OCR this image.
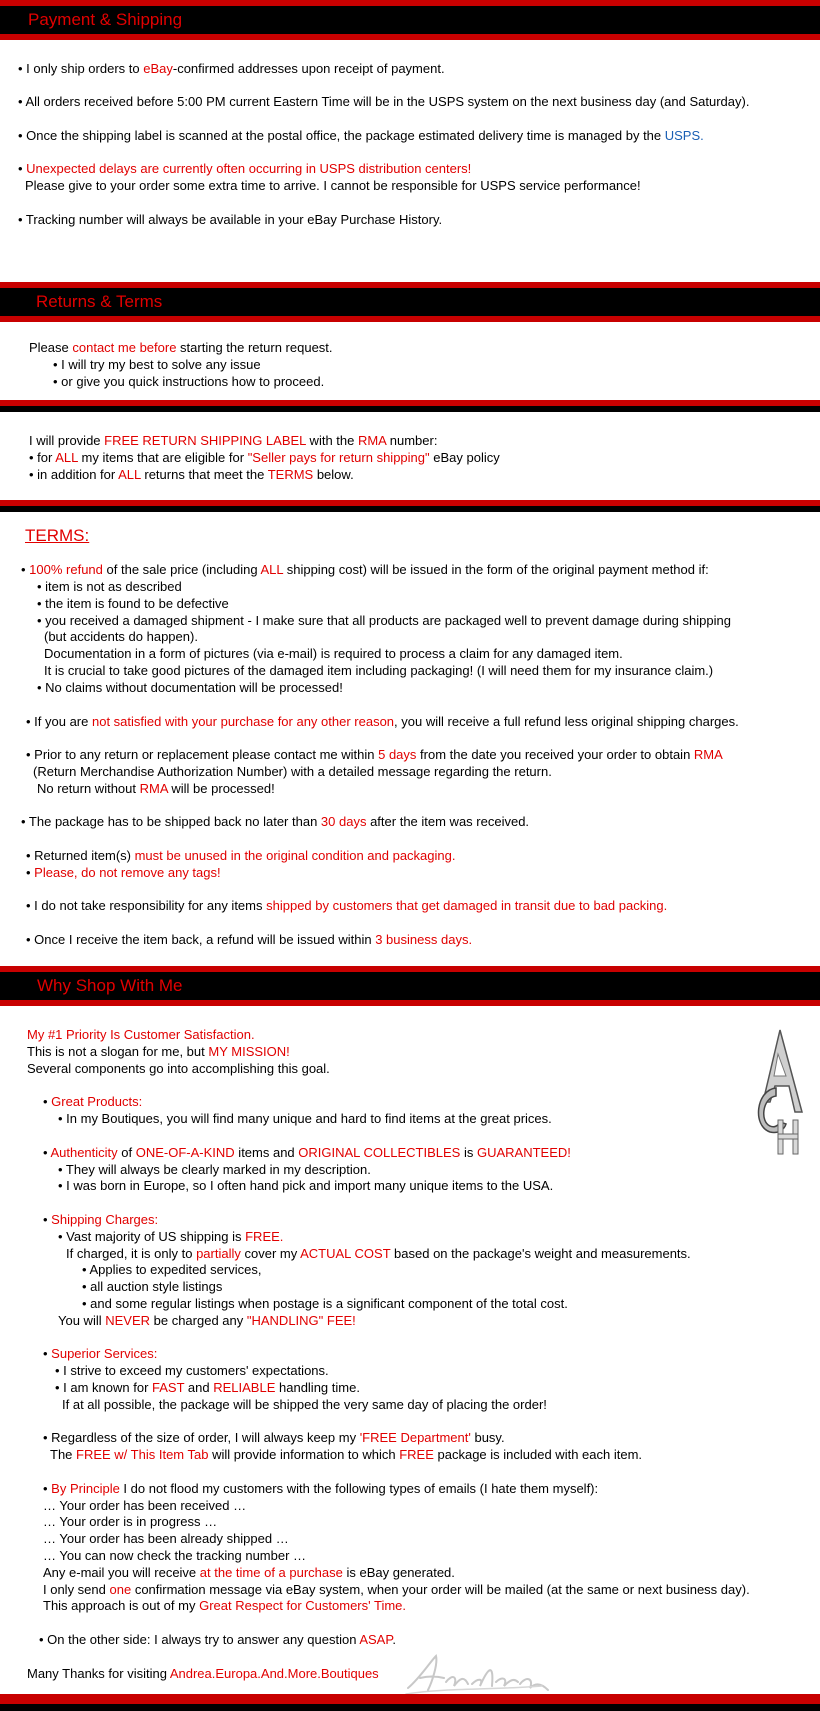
Payment & Shipping
• I only ship orders to eBay-confirmed addresses upon receipt of payment.
• All orders received before 5:00 PM current Eastern Time will be in the USPS system on the next business day (and Saturday).
• Once the shipping label is scanned at the postal office, the package estimated delivery time is managed by the USPS.
• Unexpected delays are currently often occurring in USPS distribution centers!
Please give to your order some extra time to arrive. I cannot be responsible for USPS service performance!
• Tracking number will always be available in your eBay Purchase History.
Returns & Terms
Please contact me before starting the return request.
• I will try my best to solve any issue
• or give you quick instructions how to proceed.
I will provide FREE RETURN SHIPPING LABEL with the RMA number:
• for ALL my items that are eligible for "Seller pays for return shipping" eBay policy
• in addition for ALL returns that meet the TERMS below.
TERMS:
• 100% refund of the sale price (including ALL shipping cost) will be issued in the form of the original payment method if:
• item is not as described
• the item is found to be defective
• you received a damaged shipment - I make sure that all products are packaged well to prevent damage during shipping
(but accidents do happen).
Documentation in a form of pictures (via e-mail) is required to process a claim for any damaged item.
It is crucial to take good pictures of the damaged item including packaging! (I will need them for my insurance claim.)
• No claims without documentation will be processed!
• If you are not satisfied with your purchase for any other reason, you will receive a full refund less original shipping charges.
• Prior to any return or replacement please contact me within 5 days from the date you received your order to obtain RMA
(Return Merchandise Authorization Number) with a detailed message regarding the return.
No return without RMA will be processed!
• The package has to be shipped back no later than 30 days after the item was received.
• Returned item(s) must be unused in the original condition and packaging.
• Please, do not remove any tags!
• I do not take responsibility for any items shipped by customers that get damaged in transit due to bad packing.
• Once I receive the item back, a refund will be issued within 3 business days.
Why Shop With Me
My #1 Priority Is Customer Satisfaction.
This is not a slogan for me, but MY MISSION!
Several components go into accomplishing this goal.
• Great Products:
• In my Boutiques, you will find many unique and hard to find items at the great prices.
• Authenticity of ONE-OF-A-KIND items and ORIGINAL COLLECTIBLES is GUARANTEED!
• They will always be clearly marked in my description.
• I was born in Europe, so I often hand pick and import many unique items to the USA.
• Shipping Charges:
• Vast majority of US shipping is FREE.
If charged, it is only to partially cover my ACTUAL COST based on the package's weight and measurements.
• Applies to expedited services,
• all auction style listings
• and some regular listings when postage is a significant component of the total cost.
You will NEVER be charged any "HANDLING" FEE!
• Superior Services:
• I strive to exceed my customers' expectations.
• I am known for FAST and RELIABLE handling time.
If at all possible, the package will be shipped the very same day of placing the order!
• Regardless of the size of order, I will always keep my 'FREE Department' busy.
The FREE w/ This Item Tab will provide information to which FREE package is included with each item.
• By Principle I do not flood my customers with the following types of emails (I hate them myself):
… Your order has been received …
… Your order is in progress …
… Your order has been already shipped …
… You can now check the tracking number …
Any e-mail you will receive at the time of a purchase is eBay generated.
I only send one confirmation message via eBay system, when your order will be mailed (at the same or next business day).
This approach is out of my Great Respect for Customers' Time.
• On the other side: I always try to answer any question ASAP.
Many Thanks for visiting Andrea.Europa.And.More.Boutiques
